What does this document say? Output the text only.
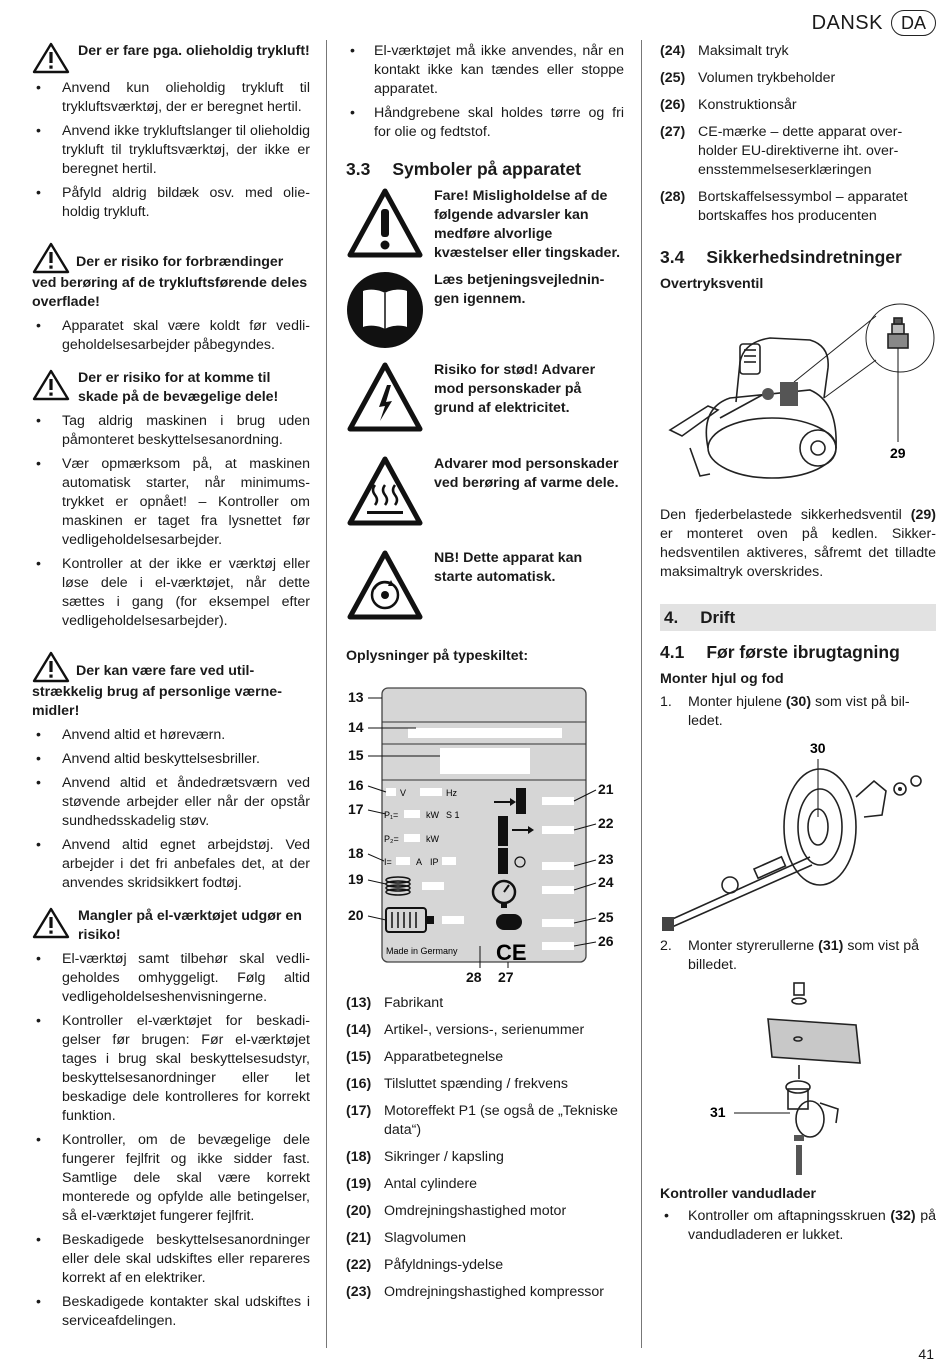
DANSK	DA
Der er fare pga. olieholdig trykluft!
• Anvend kun olieholdig trykluft til trykluftsværktøj, der er beregnet hertil.
• Anvend ikke trykluftslanger til olieholdig trykluft til trykluftsværktøj, der ikke er beregnet hertil.
• Påfyld aldrig bildæk osv. med olieholdig trykluft.
Der er risiko for forbrændinger ved berøring af de trykluftsførende deles overflade!
• Apparatet skal være koldt før vedligeholdelsesarbejder påbegyndes.
Der er risiko for at komme til skade på de bevægelige dele!
• Tag aldrig maskinen i brug uden påmonteret beskyttelsesanordning.
• Vær opmærksom på, at maskinen automatisk starter, når minimumstrykket er opnået! – Kontroller om maskinen er taget fra lysnettet før vedligeholdelsesarbejder.
• Kontroller at der ikke er værktøj eller løse dele i el-værktøjet, når dette sættes i gang (for eksempel efter vedligeholdelsesarbejder).
Der kan være fare ved utilstrækkelig brug af personlige værnemidler!
• Anvend altid et høreværn.
• Anvend altid beskyttelsesbriller.
• Anvend altid et åndedrætsværn ved støvende arbejder eller når der opstår sundhedsskadelig støv.
• Anvend altid egnet arbejdstøj. Ved arbejder i det fri anbefales det, at der anvendes skridsikkert fodtøj.
Mangler på el-værktøjet udgør en risiko!
• El-værktøj samt tilbehør skal vedligeholdes omhyggeligt. Følg altid vedligeholdelseshenvisningerne.
• Kontroller el-værktøjet for beskadigelser før brugen: Før el-værktøjet tages i brug skal beskyttelsesudstyr, beskyttelsesanordninger eller let beskadige dele kontrolleres for korrekt funktion.
• Kontroller, om de bevægelige dele fungerer fejlfrit og ikke sidder fast. Samtlige dele skal være korrekt monterede og opfylde alle betingelser, så el-værktøjet fungerer fejlfrit.
• Beskadigede beskyttelsesanordninger eller dele skal udskiftes eller repareres korrekt af en elektriker.
• Beskadigede kontakter skal udskiftes i serviceafdelingen.
• El-værktøjet må ikke anvendes, når en kontakt ikke kan tændes eller stoppe apparatet.
• Håndgrebene skal holdes tørre og fri for olie og fedtstof.
3.3 Symboler på apparatet
Fare! Misligholdelse af de følgende advarsler kan medføre alvorlige kvæstelser eller tingskader.
Læs betjeningsvejledningen igennem.
Risiko for stød! Advarer mod personskader på grund af elektricitet.
Advarer mod personskader ved berøring af varme dele.
NB! Dette apparat kan starte automatisk.
Oplysninger på typeskiltet:
V	Hz
P₁=	kW S 1
P₂=	kW
I=	A IP
CE
Made in Germany
13
14
15
16
17
18
19
20
21
22
23
24
25
26
28 27
(13) Fabrikant
(14) Artikel-, versions-, serienummer
(15) Apparatbetegnelse
(16) Tilsluttet spænding / frekvens
(17) Motoreffekt P1 (se også de „Tekniske data“)
(18) Sikringer / kapsling
(19) Antal cylindere
(20) Omdrejningshastighed motor
(21) Slagvolumen
(22) Påfyldnings-ydelse
(23) Omdrejningshastighed kompressor
(24) Maksimalt tryk
(25) Volumen trykbeholder
(26) Konstruktionsår
(27) CE-mærke – dette apparat overholder EU-direktiverne iht. overensstemmelseserklæringen
(28) Bortskaffelsessymbol – apparatet bortskaffes hos producenten
3.4 Sikkerhedsindretninger
Overtryksventil
29

Den fjederbelastede sikkerhedsventil (29) er monteret oven på kedlen. Sikkerhedsventilen aktiveres, såfremt det tilladte maksimaltryk overskrides.

4. Drift
4.1 Før første ibrugtagning
Monter hjul og fod
1.	Monter hjulene (30) som vist på billedet.
30
2.	Monter styrerullerne (31) som vist på billedet.
31
Kontroller vandudlader
• Kontroller om aftapningsskruen (32) på vandudladeren er lukket.
41
